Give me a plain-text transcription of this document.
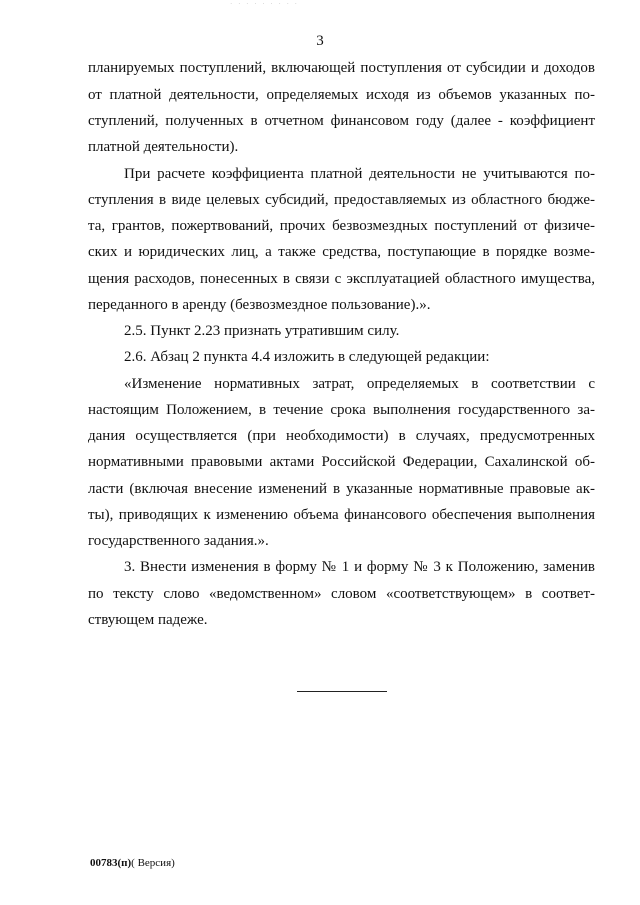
· · · · · · · · ·
3
планируемых поступлений, включающей поступления от субсидии и доходов
от платной деятельности, определяемых исходя из объемов указанных по-
ступлений, полученных в отчетном финансовом году (далее - коэффициент
платной деятельности).
При расчете коэффициента платной деятельности не учитываются по-
ступления в виде целевых субсидий, предоставляемых из областного бюдже-
та, грантов, пожертвований, прочих безвозмездных поступлений от физиче-
ских и юридических лиц, а также средства, поступающие в порядке возме-
щения расходов, понесенных в связи с эксплуатацией областного имущества,
переданного в аренду (безвозмездное пользование).».
2.5. Пункт 2.23 признать утратившим силу.
2.6. Абзац 2 пункта 4.4 изложить в следующей редакции:
«Изменение нормативных затрат, определяемых в соответствии с
настоящим Положением, в течение срока выполнения государственного за-
дания осуществляется (при необходимости) в случаях, предусмотренных
нормативными правовыми актами Российской Федерации, Сахалинской об-
ласти (включая внесение изменений в указанные нормативные правовые ак-
ты), приводящих к изменению объема финансового обеспечения выполнения
государственного задания.».
3. Внести изменения в форму № 1 и форму № 3 к Положению, заменив
по тексту слово «ведомственном» словом «соответствующем» в соответ-
ствующем падеже.
00783(п)( Версия)
